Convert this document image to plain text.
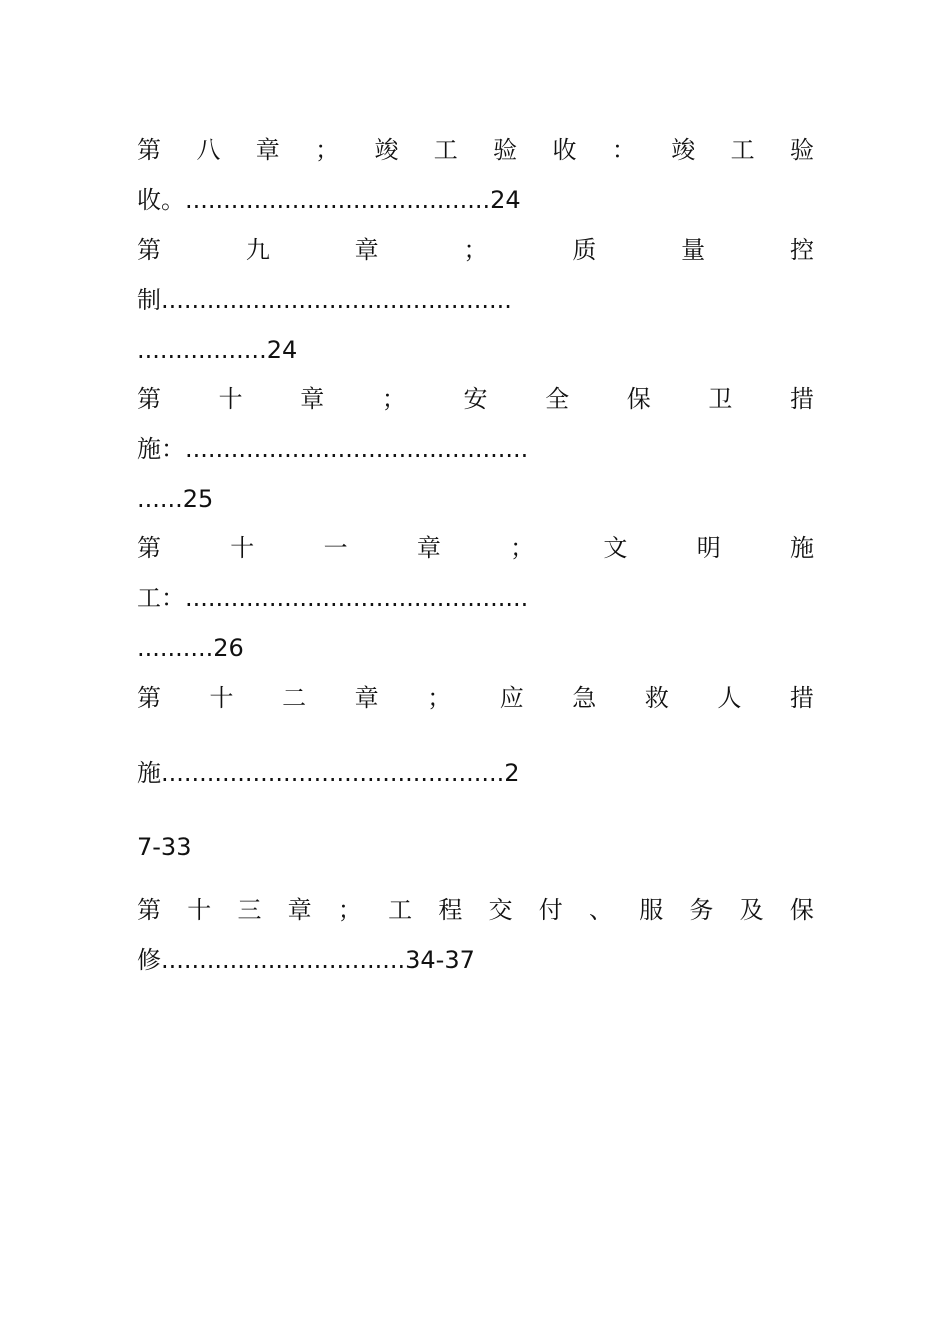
第 八 章 ； 竣 工 验 收 ： 竣 工 验
收。........................................24
第	九	章	；	质	量	控
制..............................................
.................24
第 十 章 ； 安 全 保 卫 措
施：.............................................
......25
第	十	一	章	；	文	明	施
工：.............................................
..........26
第 十 二 章 ； 应 急 救 人 措
施.............................................2
7-33
第 十 三 章 ； 工 程 交 付 、 服 务 及 保
修................................34-37
